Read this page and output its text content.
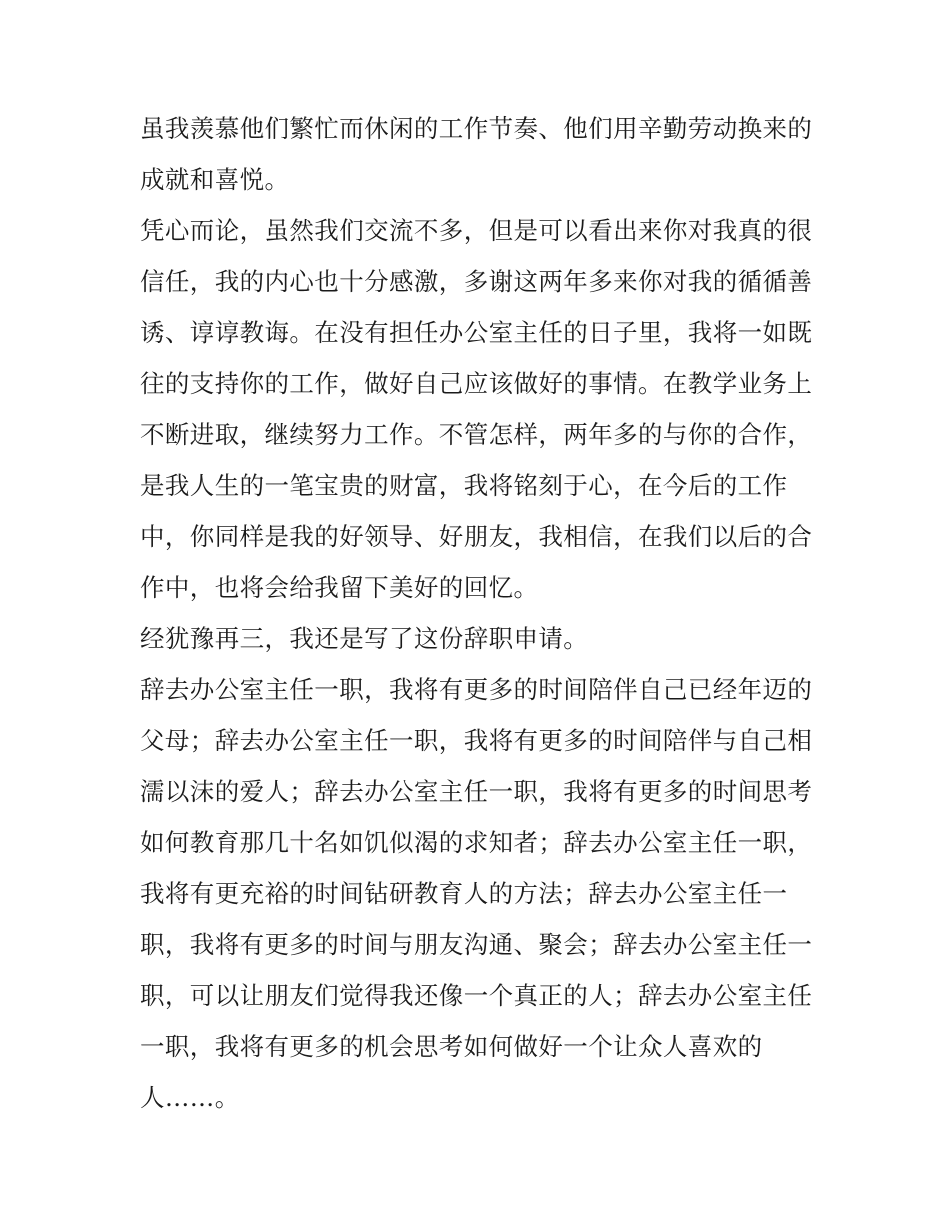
虽我羡慕他们繁忙而休闲的工作节奏、他们用辛勤劳动换来的
成就和喜悦。
凭心而论，虽然我们交流不多，但是可以看出来你对我真的很
信任，我的内心也十分感激，多谢这两年多来你对我的循循善
诱、谆谆教诲。在没有担任办公室主任的日子里，我将一如既
往的支持你的工作，做好自己应该做好的事情。在教学业务上
不断进取，继续努力工作。不管怎样，两年多的与你的合作，
是我人生的一笔宝贵的财富，我将铭刻于心，在今后的工作
中，你同样是我的好领导、好朋友，我相信，在我们以后的合
作中，也将会给我留下美好的回忆。
经犹豫再三，我还是写了这份辞职申请。
辞去办公室主任一职，我将有更多的时间陪伴自己已经年迈的
父母；辞去办公室主任一职，我将有更多的时间陪伴与自己相
濡以沫的爱人；辞去办公室主任一职，我将有更多的时间思考
如何教育那几十名如饥似渴的求知者；辞去办公室主任一职，
我将有更充裕的时间钻研教育人的方法；辞去办公室主任一
职，我将有更多的时间与朋友沟通、聚会；辞去办公室主任一
职，可以让朋友们觉得我还像一个真正的人；辞去办公室主任
一职，我将有更多的机会思考如何做好一个让众人喜欢的
人……。
